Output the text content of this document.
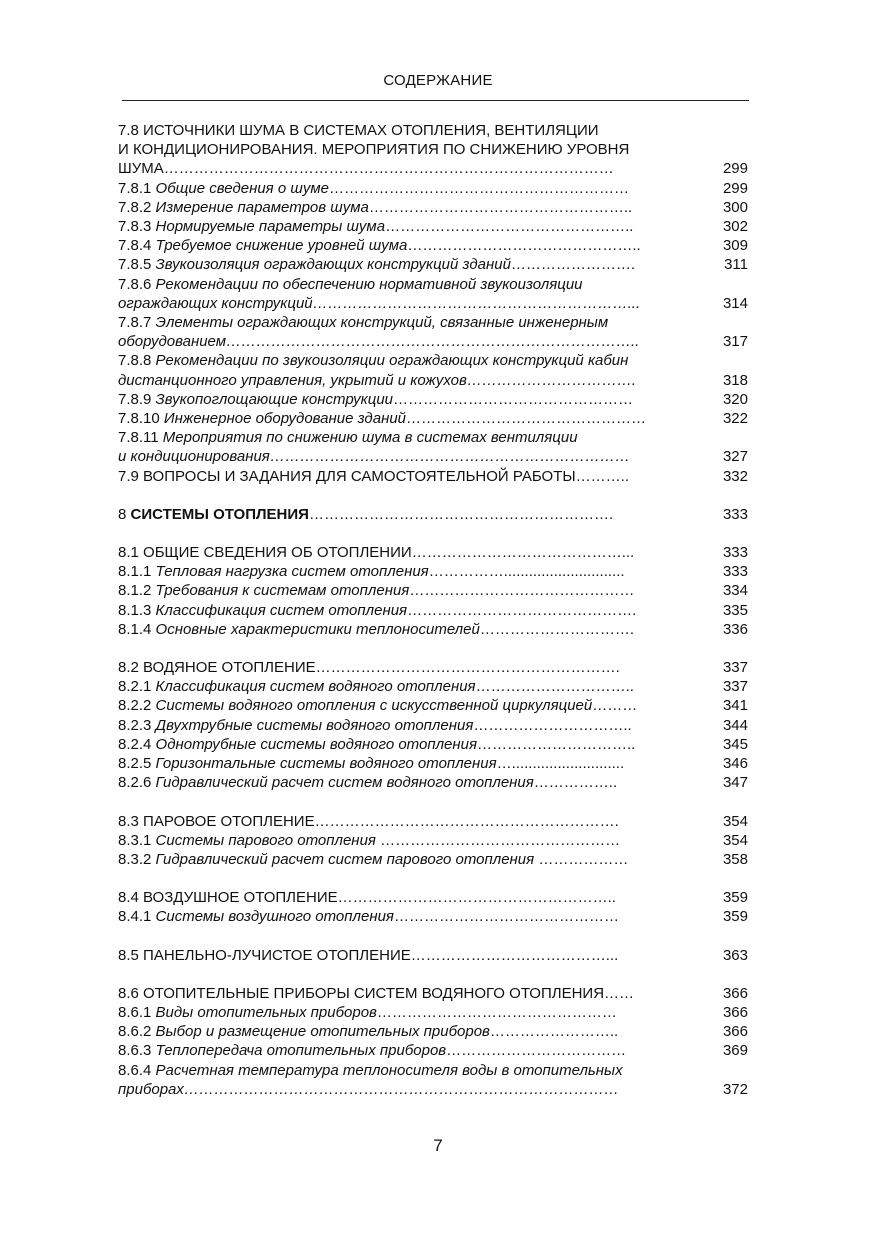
СОДЕРЖАНИЕ
7.8 ИСТОЧНИКИ ШУМА В СИСТЕМАХ ОТОПЛЕНИЯ, ВЕНТИЛЯЦИИ
И КОНДИЦИОНИРОВАНИЯ. МЕРОПРИЯТИЯ ПО СНИЖЕНИЮ УРОВНЯ
ШУМА………………………………………………………………………………	299
7.8.1 Общие сведения о шуме……………………………………………………	299
7.8.2 Измерение параметров шума……………………………………………..	300
7.8.3 Нормируемые параметры шума…………………………………………..	302
7.8.4 Требуемое снижение уровней шума………………………………………..	309
7.8.5 Звукоизоляция ограждающих конструкций зданий…………………….	311
7.8.6 Рекомендации по обеспечению нормативной звукоизоляции
ограждающих конструкций………………………………………………………...	314
7.8.7 Элементы ограждающих конструкций, связанные инженерным
оборудованием………………………………………………………………………..	317
7.8.8 Рекомендации по звукоизоляции ограждающих конструкций кабин
дистанционного управления, укрытий и кожухов…………………………….	318
7.8.9 Звукопоглощающие конструкции…………………………………………	320
7.8.10 Инженерное оборудование зданий…………………………………………	322
7.8.11 Мероприятия по снижению шума в системах вентиляции
и кондиционирования………………………………………………………………	327
7.9 ВОПРОСЫ И ЗАДАНИЯ ДЛЯ САМОСТОЯТЕЛЬНОЙ РАБОТЫ………..	332
8 СИСТЕМЫ ОТОПЛЕНИЯ…………………………………………………….	333
8.1 ОБЩИЕ СВЕДЕНИЯ ОБ ОТОПЛЕНИИ……………………………………...	333
8.1.1 Тепловая нагрузка систем отопления…………….............................	333
8.1.2 Требования к системам отопления………………………………………	334
8.1.3 Классификация систем отопления……………………………………….	335
8.1.4 Основные характеристики теплоносителей………………………….	336
8.2 ВОДЯНОЕ ОТОПЛЕНИЕ…………………………………………………….	337
8.2.1 Классификация систем водяного отопления…………………………..	337
8.2.2 Системы водяного отопления с искусственной циркуляцией………	341
8.2.3 Двухтрубные системы водяного отопления…………………………..	344
8.2.4 Однотрубные системы водяного отопления…………………………..	345
8.2.5 Горизонтальные системы водяного отопления…...........................	346
8.2.6 Гидравлический расчет систем водяного отопления……………..	347
8.3 ПАРОВОЕ ОТОПЛЕНИЕ…………………………………………………….	354
8.3.1 Системы парового отопления …………………………………………	354
8.3.2 Гидравлический расчет систем парового отопления ………………	358
8.4 ВОЗДУШНОЕ ОТОПЛЕНИЕ………………………………………………..	359
8.4.1 Системы воздушного отопления………………………………………	359
8.5 ПАНЕЛЬНО-ЛУЧИСТОЕ ОТОПЛЕНИЕ…………………………………...	363
8.6 ОТОПИТЕЛЬНЫЕ ПРИБОРЫ СИСТЕМ ВОДЯНОГО ОТОПЛЕНИЯ……	366
8.6.1 Виды отопительных приборов…………………………………………	366
8.6.2 Выбор и размещение отопительных приборов……………………..	366
8.6.3 Теплопередача отопительных приборов………………………………	369
8.6.4 Расчетная температура теплоносителя воды в отопительных
приборах……………………………………………………………………………	372
7
